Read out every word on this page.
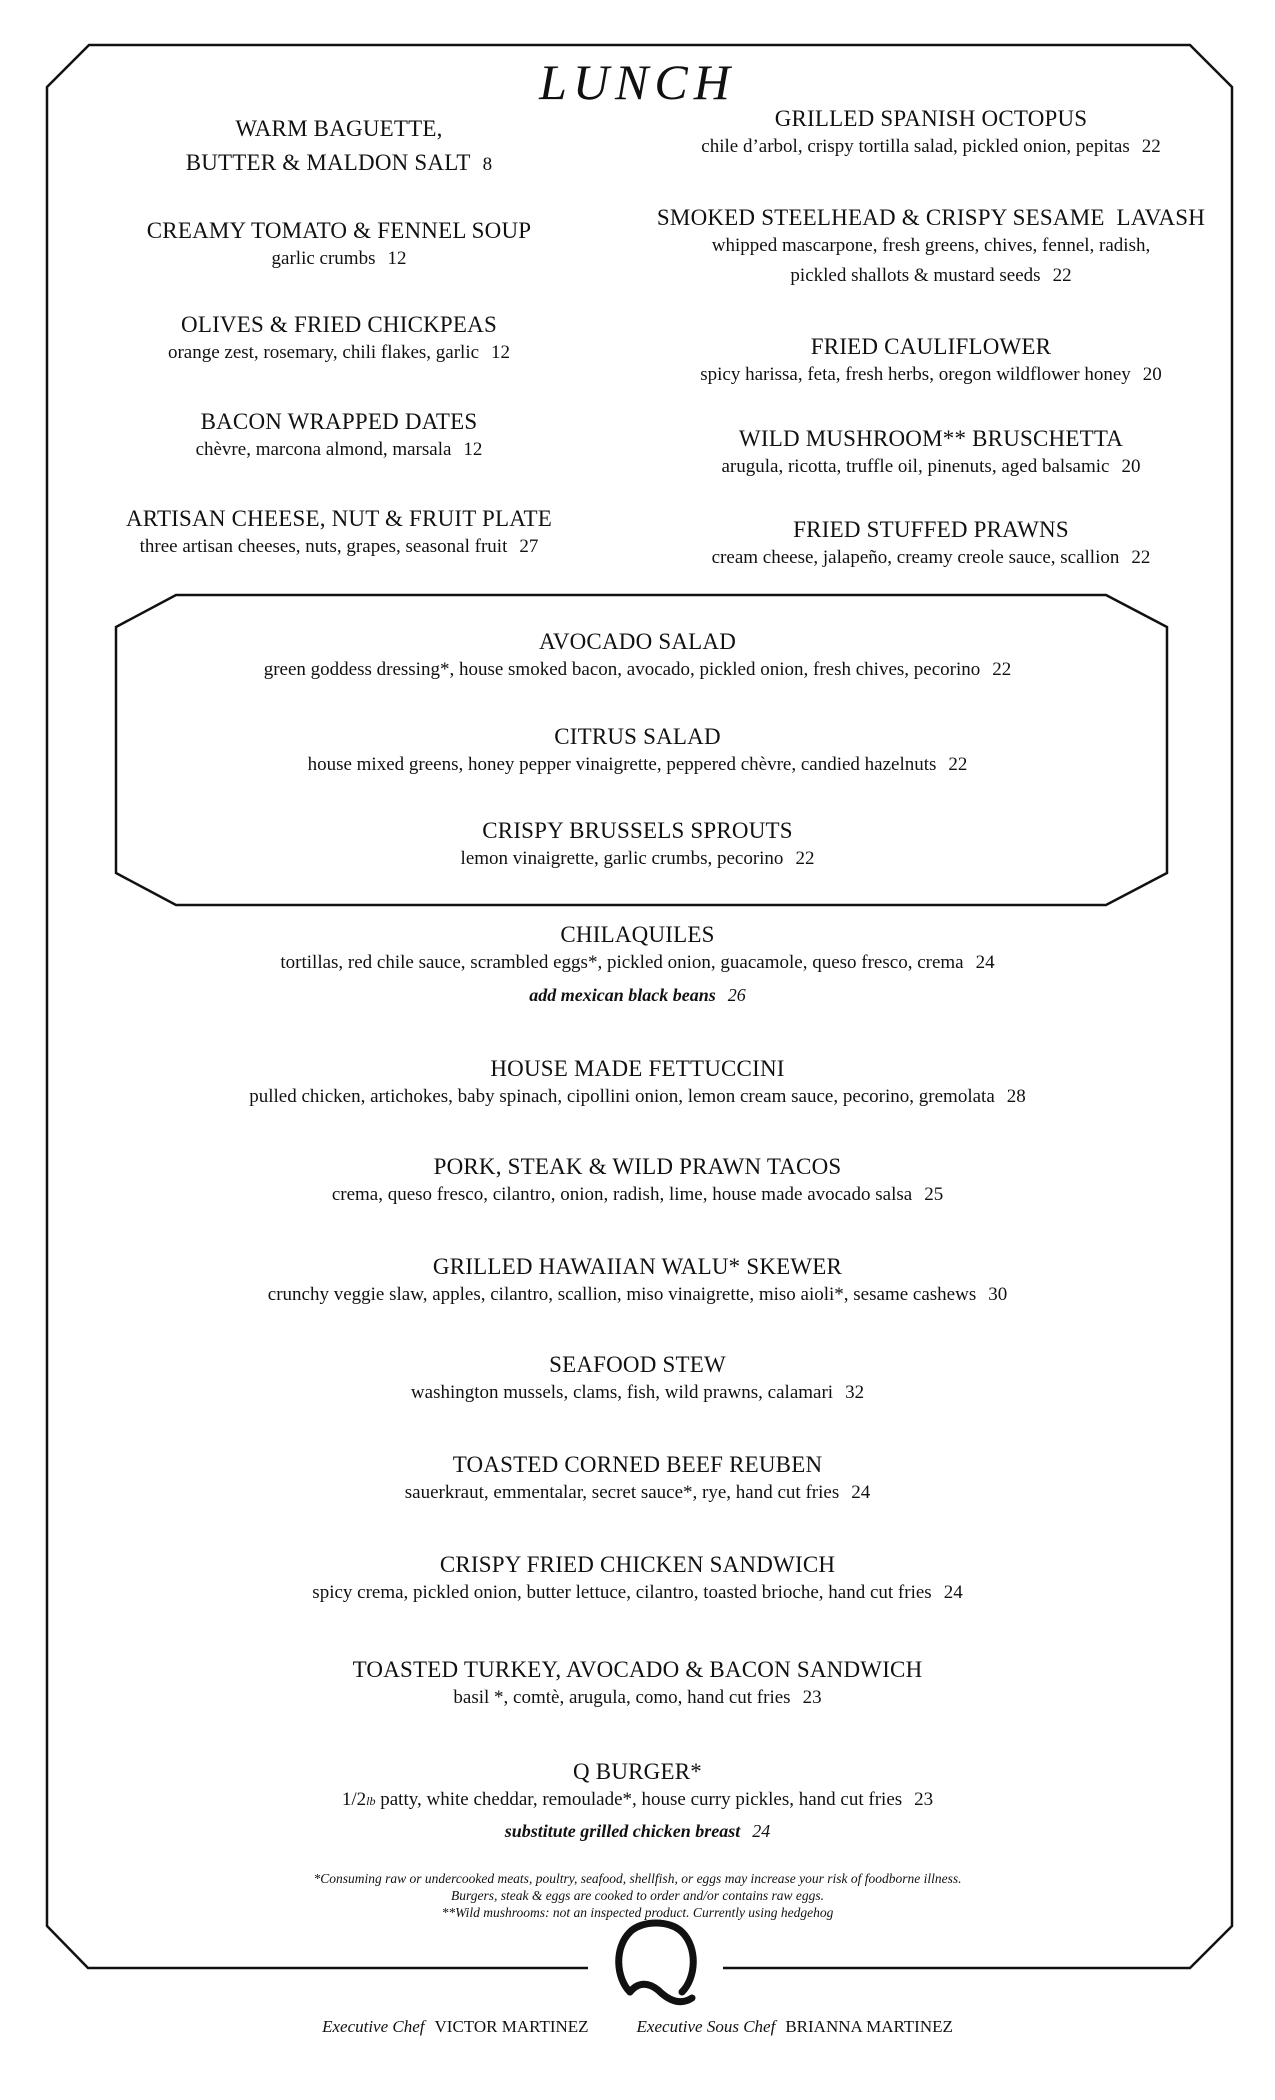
LUNCH
WARM BAGUETTE,
BUTTER & MALDON SALT 8
CREAMY TOMATO & FENNEL SOUP
garlic crumbs 12
OLIVES & FRIED CHICKPEAS
orange zest, rosemary, chili flakes, garlic 12
BACON WRAPPED DATES
chèvre, marcona almond, marsala 12
ARTISAN CHEESE, NUT & FRUIT PLATE
three artisan cheeses, nuts, grapes, seasonal fruit 27
GRILLED SPANISH OCTOPUS
chile d’arbol, crispy tortilla salad, pickled onion, pepitas 22
SMOKED STEELHEAD & CRISPY SESAME  LAVASH
whipped mascarpone, fresh greens, chives, fennel, radish,
pickled shallots & mustard seeds 22
FRIED CAULIFLOWER
spicy harissa, feta, fresh herbs, oregon wildflower honey 20
WILD MUSHROOM** BRUSCHETTA
arugula, ricotta, truffle oil, pinenuts, aged balsamic 20
FRIED STUFFED PRAWNS
cream cheese, jalapeño, creamy creole sauce, scallion 22
AVOCADO SALAD
green goddess dressing*, house smoked bacon, avocado, pickled onion, fresh chives, pecorino 22
CITRUS SALAD
house mixed greens, honey pepper vinaigrette, peppered chèvre, candied hazelnuts 22
CRISPY BRUSSELS SPROUTS
lemon vinaigrette, garlic crumbs, pecorino 22
CHILAQUILES
tortillas, red chile sauce, scrambled eggs*, pickled onion, guacamole, queso fresco, crema 24
add mexican black beans 26
HOUSE MADE FETTUCCINI
pulled chicken, artichokes, baby spinach, cipollini onion, lemon cream sauce, pecorino, gremolata 28
PORK, STEAK & WILD PRAWN TACOS
crema, queso fresco, cilantro, onion, radish, lime, house made avocado salsa 25
GRILLED HAWAIIAN WALU* SKEWER
crunchy veggie slaw, apples, cilantro, scallion, miso vinaigrette, miso aioli*, sesame cashews 30
SEAFOOD STEW
washington mussels, clams, fish, wild prawns, calamari 32
TOASTED CORNED BEEF REUBEN
sauerkraut, emmentalar, secret sauce*, rye, hand cut fries 24
CRISPY FRIED CHICKEN SANDWICH
spicy crema, pickled onion, butter lettuce, cilantro, toasted brioche, hand cut fries 24
TOASTED TURKEY, AVOCADO & BACON SANDWICH
basil *, comtè, arugula, como, hand cut fries 23
Q BURGER*
1/2lb patty, white cheddar, remoulade*, house curry pickles, hand cut fries 23
substitute grilled chicken breast 24
*Consuming raw or undercooked meats, poultry, seafood, shellfish, or eggs may increase your risk of foodborne illness.
Burgers, steak & eggs are cooked to order and/or contains raw eggs.
**Wild mushrooms: not an inspected product. Currently using hedgehog
Executive Chef VICTOR MARTINEZ	Executive Sous Chef BRIANNA MARTINEZ
